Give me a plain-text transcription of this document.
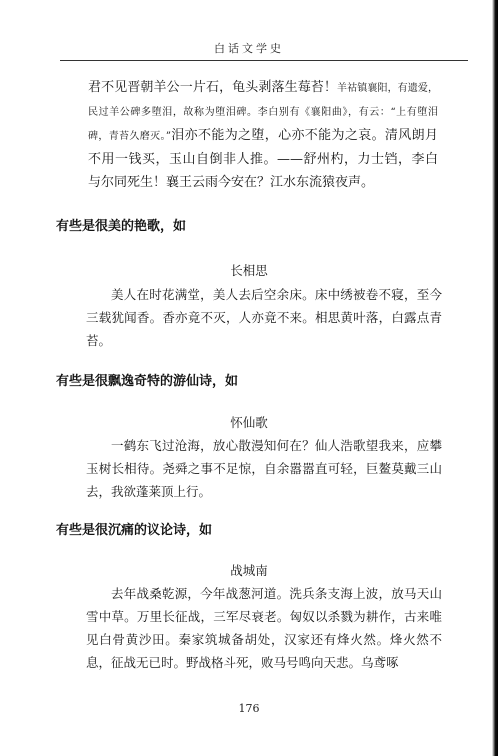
白话文学史
君不见晋朝羊公一片石，龟头剥落生莓苔！羊祜镇襄阳，有遗爱，民过羊公碑多堕泪，故称为堕泪碑。李白别有《襄阳曲》，有云：“上有堕泪碑，青苔久磨灭。”泪亦不能为之堕，心亦不能为之哀。清风朗月不用一钱买，玉山自倒非人推。——舒州杓，力士铛，李白与尔同死生！襄王云雨今安在？江水东流猿夜声。
有些是很美的艳歌，如
长相思
美人在时花满堂，美人去后空余床。床中绣被卷不寝，至今三载犹闻香。香亦竟不灭，人亦竟不来。相思黄叶落，白露点青苔。
有些是很飘逸奇特的游仙诗，如
怀仙歌
一鹤东飞过沧海，放心散漫知何在？仙人浩歌望我来，应攀玉树长相待。尧舜之事不足惊，自余嚣嚣直可轻，巨鳌莫戴三山去，我欲蓬莱顶上行。
有些是很沉痛的议论诗，如
战城南
去年战桑乾源，今年战葱河道。洗兵条支海上波，放马天山雪中草。万里长征战，三军尽衰老。匈奴以杀戮为耕作，古来唯见白骨黄沙田。秦家筑城备胡处，汉家还有烽火然。烽火然不息，征战无已时。野战格斗死，败马号鸣向天悲。乌鸢啄
176
